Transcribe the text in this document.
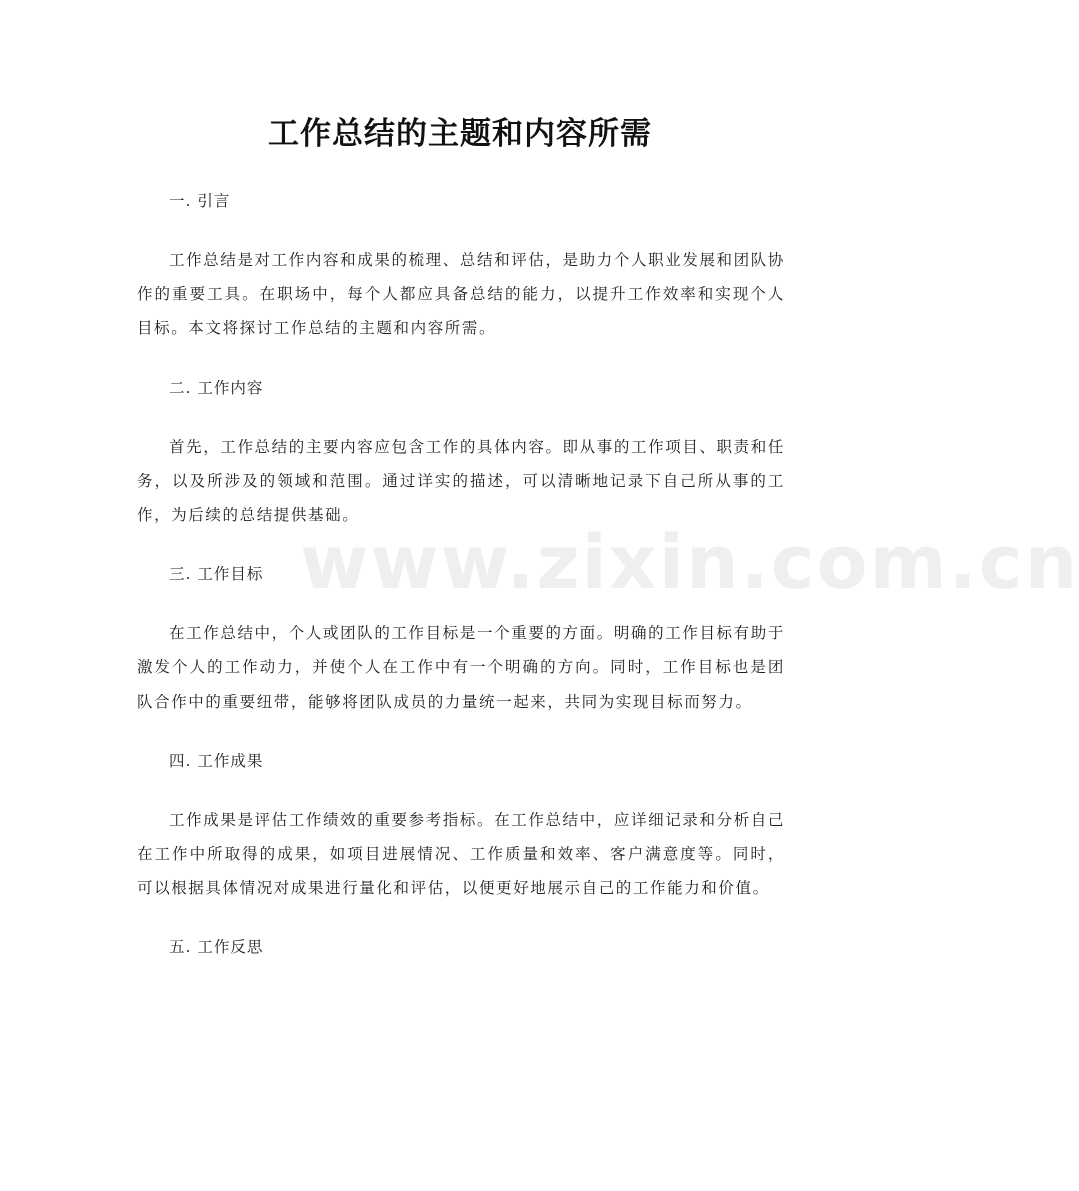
www.zixin.com.cn
工作总结的主题和内容所需

一. 引言

工作总结是对工作内容和成果的梳理、总结和评估，是助力个人职业发展和团队协作的重要工具。在职场中，每个人都应具备总结的能力，以提升工作效率和实现个人目标。本文将探讨工作总结的主题和内容所需。

二. 工作内容

首先，工作总结的主要内容应包含工作的具体内容。即从事的工作项目、职责和任务，以及所涉及的领域和范围。通过详实的描述，可以清晰地记录下自己所从事的工作，为后续的总结提供基础。

三. 工作目标

在工作总结中，个人或团队的工作目标是一个重要的方面。明确的工作目标有助于激发个人的工作动力，并使个人在工作中有一个明确的方向。同时，工作目标也是团队合作中的重要纽带，能够将团队成员的力量统一起来，共同为实现目标而努力。

四. 工作成果

工作成果是评估工作绩效的重要参考指标。在工作总结中，应详细记录和分析自己在工作中所取得的成果，如项目进展情况、工作质量和效率、客户满意度等。同时，可以根据具体情况对成果进行量化和评估，以便更好地展示自己的工作能力和价值。

五. 工作反思
